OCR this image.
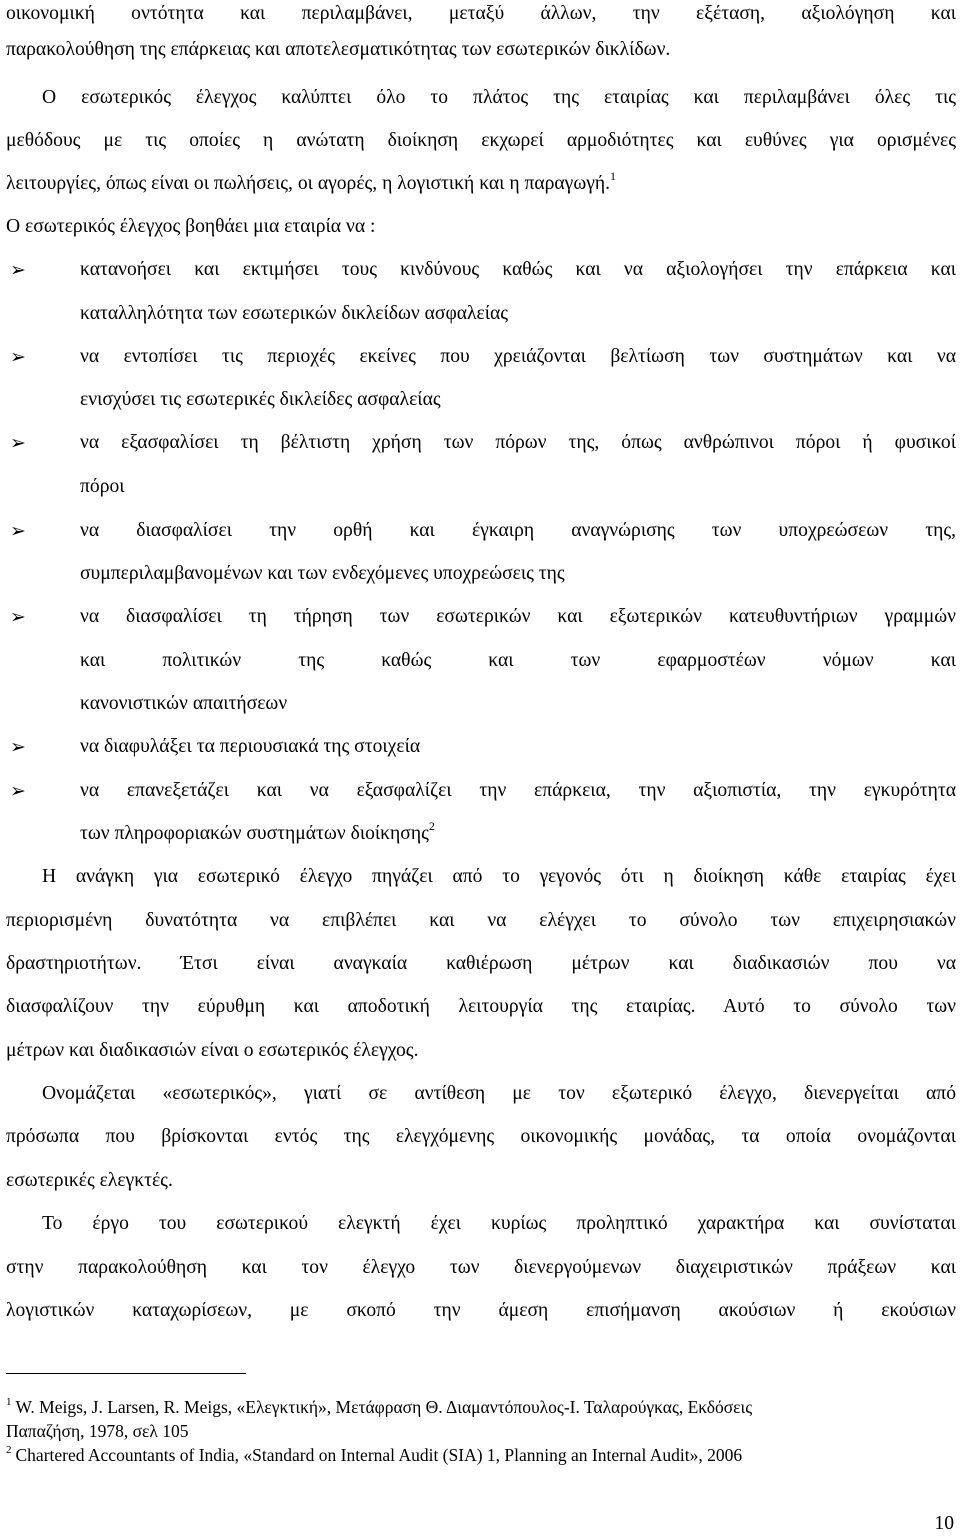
οικονομική οντότητα και περιλαμβάνει, μεταξύ άλλων, την εξέταση, αξιολόγηση και
παρακολούθηση της επάρκειας και αποτελεσματικότητας των εσωτερικών δικλίδων.
Ο εσωτερικός έλεγχος καλύπτει όλο το πλάτος της εταιρίας και περιλαμβάνει όλες τις
μεθόδους με τις οποίες η ανώτατη διοίκηση εκχωρεί αρμοδιότητες και ευθύνες για ορισμένες
λειτουργίες, όπως είναι οι πωλήσεις, οι αγορές, η λογιστική και η παραγωγή.$^1$
Ο εσωτερικός έλεγχος βοηθάει μια εταιρία να :
➢	κατανοήσει και εκτιμήσει τους κινδύνους καθώς και να αξιολογήσει την επάρκεια και
καταλληλότητα των εσωτερικών δικλείδων ασφαλείας
➢	να εντοπίσει τις περιοχές εκείνες που χρειάζονται βελτίωση των συστημάτων και να
ενισχύσει τις εσωτερικές δικλείδες ασφαλείας
➢	να εξασφαλίσει τη βέλτιστη χρήση των πόρων της, όπως ανθρώπινοι πόροι ή φυσικοί
πόροι
➢	να διασφαλίσει την ορθή και έγκαιρη αναγνώρισης των υποχρεώσεων της,
συμπεριλαμβανομένων και των ενδεχόμενες υποχρεώσεις της
➢	να διασφαλίσει τη τήρηση των εσωτερικών και εξωτερικών κατευθυντήριων γραμμών
και πολιτικών της καθώς και των εφαρμοστέων νόμων και
κανονιστικών απαιτήσεων
➢	να διαφυλάξει τα περιουσιακά της στοιχεία
➢	να επανεξετάζει και να εξασφαλίζει την επάρκεια, την αξιοπιστία, την εγκυρότητα
των πληροφοριακών συστημάτων διοίκησης$^2$
Η ανάγκη για εσωτερικό έλεγχο πηγάζει από το γεγονός ότι η διοίκηση κάθε εταιρίας έχει
περιορισμένη δυνατότητα να επιβλέπει και να ελέγχει το σύνολο των επιχειρησιακών
δραστηριοτήτων. Έτσι είναι αναγκαία καθιέρωση μέτρων και διαδικασιών που να
διασφαλίζουν την εύρυθμη και αποδοτική λειτουργία της εταιρίας. Αυτό το σύνολο των
μέτρων και διαδικασιών είναι ο εσωτερικός έλεγχος.
Ονομάζεται «εσωτερικός», γιατί σε αντίθεση με τον εξωτερικό έλεγχο, διενεργείται από
πρόσωπα που βρίσκονται εντός της ελεγχόμενης οικονομικής μονάδας, τα οποία ονομάζονται
εσωτερικές ελεγκτές.
Το έργο του εσωτερικού ελεγκτή έχει κυρίως προληπτικό χαρακτήρα και συνίσταται
στην παρακολούθηση και τον έλεγχο των διενεργούμενων διαχειριστικών πράξεων και
λογιστικών καταχωρίσεων, με σκοπό την άμεση επισήμανση ακούσιων ή εκούσιων
$^1$ W. Meigs, J. Larsen, R. Meigs, «Ελεγκτική», Μετάφραση Θ. Διαμαντόπουλος-Ι. Ταλαρούγκας, Εκδόσεις
Παπαζήση, 1978, σελ 105
$^2$ Chartered Accountants of India, «Standard on Internal Audit (SIA) 1, Planning an Internal Audit», 2006
10
